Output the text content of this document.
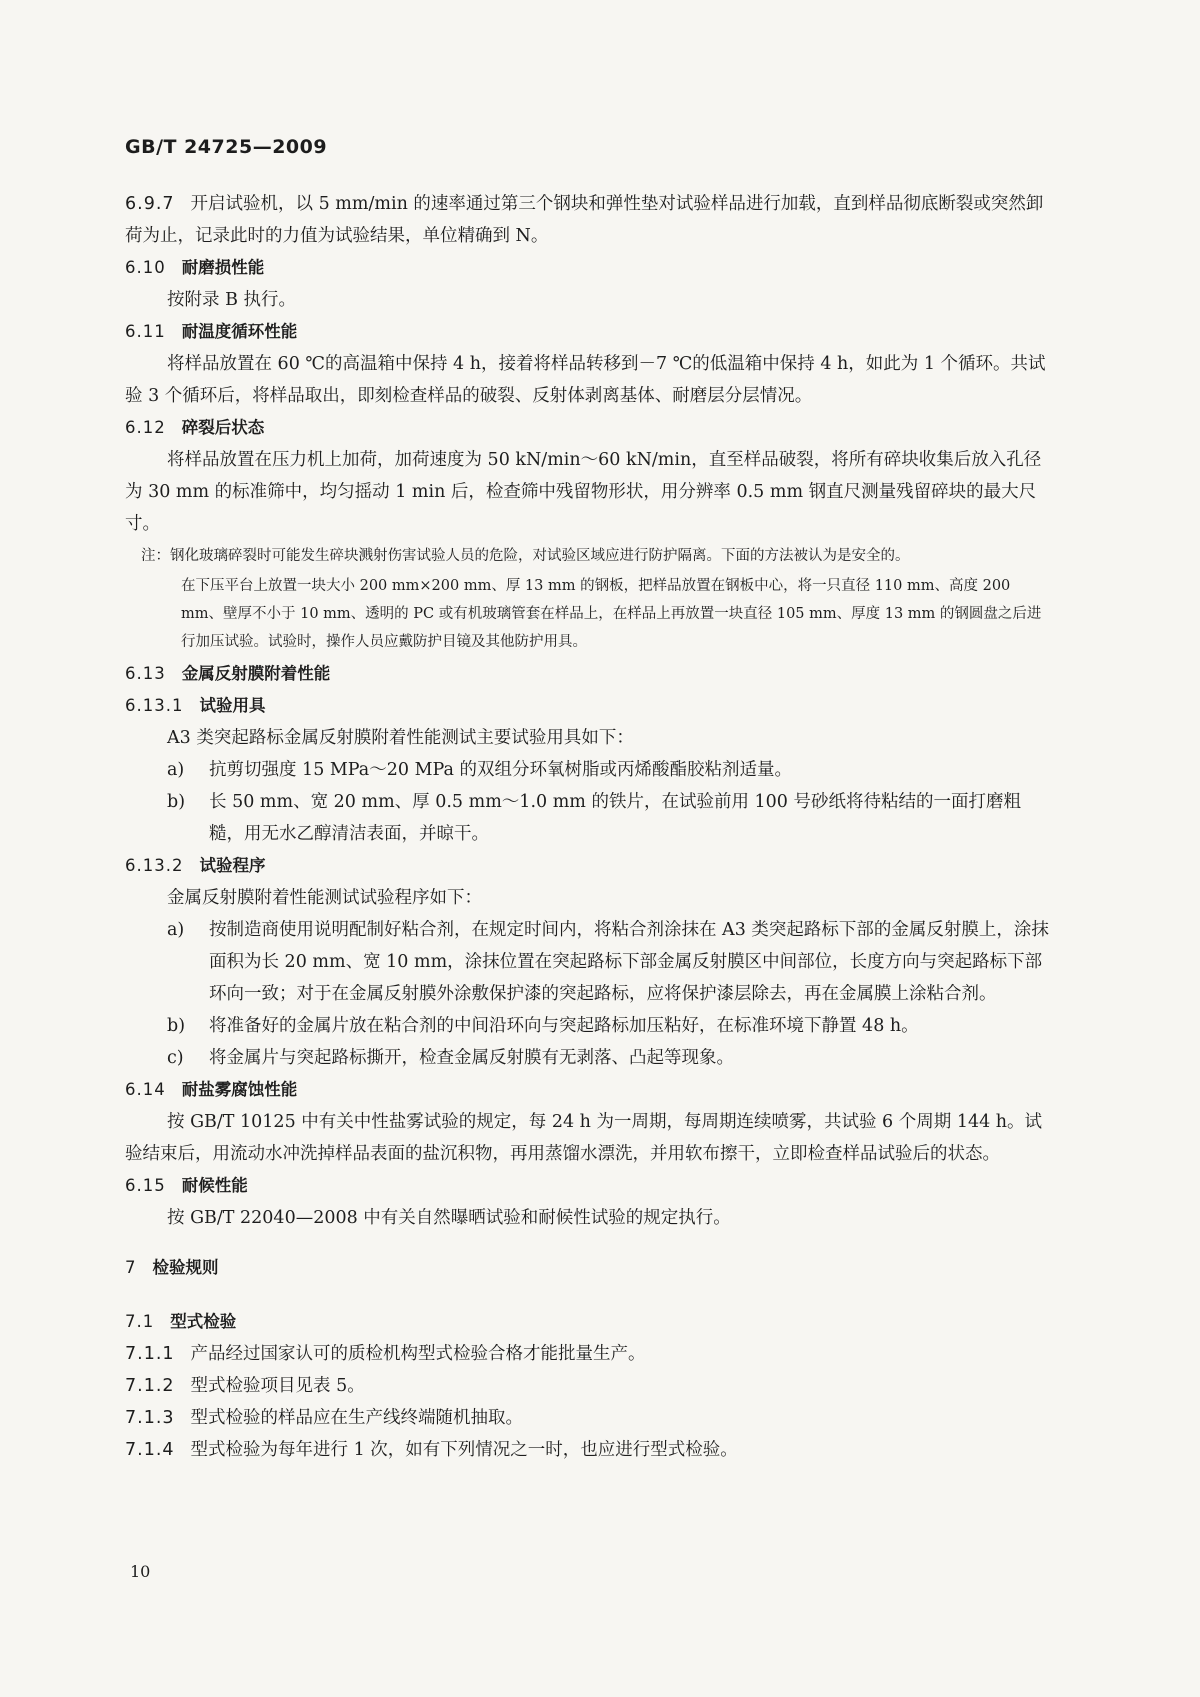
GB/T 24725—2009
6.9.7 开启试验机，以 5 mm/min 的速率通过第三个钢块和弹性垫对试验样品进行加载，直到样品彻底断裂或突然卸荷为止，记录此时的力值为试验结果，单位精确到 N。
6.10 耐磨损性能
按附录 B 执行。
6.11 耐温度循环性能
将样品放置在 60 ℃的高温箱中保持 4 h，接着将样品转移到－7 ℃的低温箱中保持 4 h，如此为 1 个循环。共试验 3 个循环后，将样品取出，即刻检查样品的破裂、反射体剥离基体、耐磨层分层情况。
6.12 碎裂后状态
将样品放置在压力机上加荷，加荷速度为 50 kN/min～60 kN/min，直至样品破裂，将所有碎块收集后放入孔径为 30 mm 的标准筛中，均匀摇动 1 min 后，检查筛中残留物形状，用分辨率 0.5 mm 钢直尺测量残留碎块的最大尺寸。
注：钢化玻璃碎裂时可能发生碎块溅射伤害试验人员的危险，对试验区域应进行防护隔离。下面的方法被认为是安全的。
在下压平台上放置一块大小 200 mm×200 mm、厚 13 mm 的钢板，把样品放置在钢板中心，将一只直径 110 mm、高度 200 mm、壁厚不小于 10 mm、透明的 PC 或有机玻璃管套在样品上，在样品上再放置一块直径 105 mm、厚度 13 mm 的钢圆盘之后进行加压试验。试验时，操作人员应戴防护目镜及其他防护用具。
6.13 金属反射膜附着性能
6.13.1 试验用具
A3 类突起路标金属反射膜附着性能测试主要试验用具如下：
a) 抗剪切强度 15 MPa～20 MPa 的双组分环氧树脂或丙烯酸酯胶粘剂适量。
b) 长 50 mm、宽 20 mm、厚 0.5 mm～1.0 mm 的铁片，在试验前用 100 号砂纸将待粘结的一面打磨粗糙，用无水乙醇清洁表面，并晾干。
6.13.2 试验程序
金属反射膜附着性能测试试验程序如下：
a) 按制造商使用说明配制好粘合剂，在规定时间内，将粘合剂涂抹在 A3 类突起路标下部的金属反射膜上，涂抹面积为长 20 mm、宽 10 mm，涂抹位置在突起路标下部金属反射膜区中间部位，长度方向与突起路标下部环向一致；对于在金属反射膜外涂敷保护漆的突起路标，应将保护漆层除去，再在金属膜上涂粘合剂。
b) 将准备好的金属片放在粘合剂的中间沿环向与突起路标加压粘好，在标准环境下静置 48 h。
c) 将金属片与突起路标撕开，检查金属反射膜有无剥落、凸起等现象。
6.14 耐盐雾腐蚀性能
按 GB/T 10125 中有关中性盐雾试验的规定，每 24 h 为一周期，每周期连续喷雾，共试验 6 个周期 144 h。试验结束后，用流动水冲洗掉样品表面的盐沉积物，再用蒸馏水漂洗，并用软布擦干，立即检查样品试验后的状态。
6.15 耐候性能
按 GB/T 22040—2008 中有关自然曝晒试验和耐候性试验的规定执行。
7 检验规则
7.1 型式检验
7.1.1 产品经过国家认可的质检机构型式检验合格才能批量生产。
7.1.2 型式检验项目见表 5。
7.1.3 型式检验的样品应在生产线终端随机抽取。
7.1.4 型式检验为每年进行 1 次，如有下列情况之一时，也应进行型式检验。
10
